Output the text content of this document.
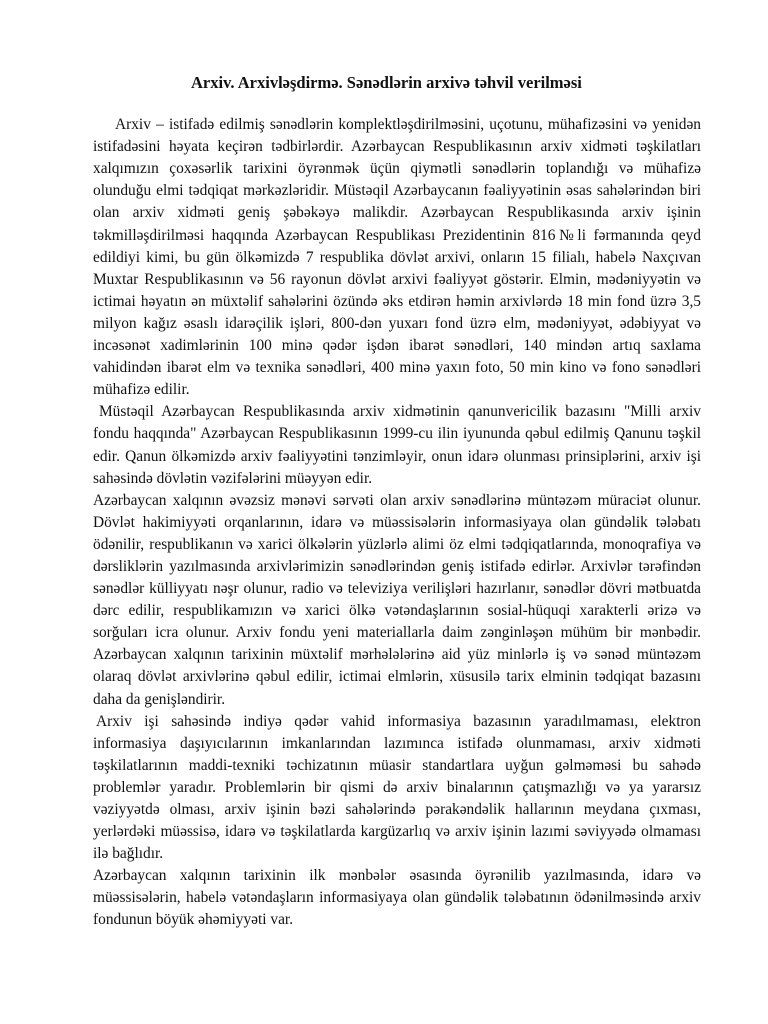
Arxiv. Arxivləşdirmə. Sənədlərin arxivə təhvil verilməsi

Arxiv – istifadə edilmiş sənədlərin komplektləşdirilməsini, uçotunu, mühafizəsini və yenidən istifadəsini həyata keçirən tədbirlərdir. Azərbaycan Respublikasının arxiv xidməti təşkilatları xalqımızın çoxəsərlik tarixini öyrənmək üçün qiymətli sənədlərin toplandığı və mühafizə olunduğu elmi tədqiqat mərkəzləridir. Müstəqil Azərbaycanın fəaliyyətinin əsas sahələrindən biri olan arxiv xidməti geniş şəbəkəyə malikdir. Azərbaycan Respublikasında arxiv işinin təkmilləşdirilməsi haqqında Azərbaycan Respublikası Prezidentinin 816№li fərmanında qeyd edildiyi kimi, bu gün ölkəmizdə 7 respublika dövlət arxivi, onların 15 filialı, habelə Naxçıvan Muxtar Respublikasının və 56 rayonun dövlət arxivi fəaliyyət göstərir. Elmin, mədəniyyətin və ictimai həyatın ən müxtəlif sahələrini özündə əks etdirən həmin arxivlərdə 18 min fond üzrə 3,5 milyon kağız əsaslı idarəçilik işləri, 800-dən yuxarı fond üzrə elm, mədəniyyət, ədəbiyyat və incəsənət xadimlərinin 100 minə qədər işdən ibarət sənədləri, 140 mindən artıq saxlama vahidindən ibarət elm və texnika sənədləri, 400 minə yaxın foto, 50 min kino və fono sənədləri mühafizə edilir.

Müstəqil Azərbaycan Respublikasında arxiv xidmətinin qanunvericilik bazasını "Milli arxiv fondu haqqında" Azərbaycan Respublikasının 1999-cu ilin iyununda qəbul edilmiş Qanunu təşkil edir. Qanun ölkəmizdə arxiv fəaliyyətini tənzimləyir, onun idarə olunması prinsiplərini, arxiv işi sahəsində dövlətin vəzifələrini müəyyən edir.

Azərbaycan xalqının əvəzsiz mənəvi sərvəti olan arxiv sənədlərinə müntəzəm müraciət olunur. Dövlət hakimiyyəti orqanlarının, idarə və müəssisələrin informasiyaya olan gündəlik tələbatı ödənilir, respublikanın və xarici ölkələrin yüzlərlə alimi öz elmi tədqiqatlarında, monoqrafiya və dərsliklərin yazılmasında arxivlərimizin sənədlərindən geniş istifadə edirlər. Arxivlər tərəfindən sənədlər külliyyatı nəşr olunur, radio və televiziya verilişləri hazırlanır, sənədlər dövri mətbuatda dərc edilir, respublikamızın və xarici ölkə vətəndaşlarının sosial-hüquqi xarakterli ərizə və sorğuları icra olunur. Arxiv fondu yeni materiallarla daim zənginləşən mühüm bir mənbədir. Azərbaycan xalqının tarixinin müxtəlif mərhələlərinə aid yüz minlərlə iş və sənəd müntəzəm olaraq dövlət arxivlərinə qəbul edilir, ictimai elmlərin, xüsusilə tarix elminin tədqiqat bazasını daha da genişləndirir.

Arxiv işi sahəsində indiyə qədər vahid informasiya bazasının yaradılmaması, elektron informasiya daşıyıcılarının imkanlarından lazımınca istifadə olunmaması, arxiv xidməti təşkilatlarının maddi-texniki təchizatının müasir standartlara uyğun gəlməməsi bu sahədə problemlər yaradır. Problemlərin bir qismi də arxiv binalarının çatışmazlığı və ya yararsız vəziyyətdə olması, arxiv işinin bəzi sahələrində pərakəndəlik hallarının meydana çıxması, yerlərdəki müəssisə, idarə və təşkilatlarda kargüzarlıq və arxiv işinin lazımi səviyyədə olmaması ilə bağlıdır.

Azərbaycan xalqının tarixinin ilk mənbələr əsasında öyrənilib yazılmasında, idarə və müəssisələrin, habelə vətəndaşların informasiyaya olan gündəlik tələbatının ödənilməsində arxiv fondunun böyük əhəmiyyəti var.
